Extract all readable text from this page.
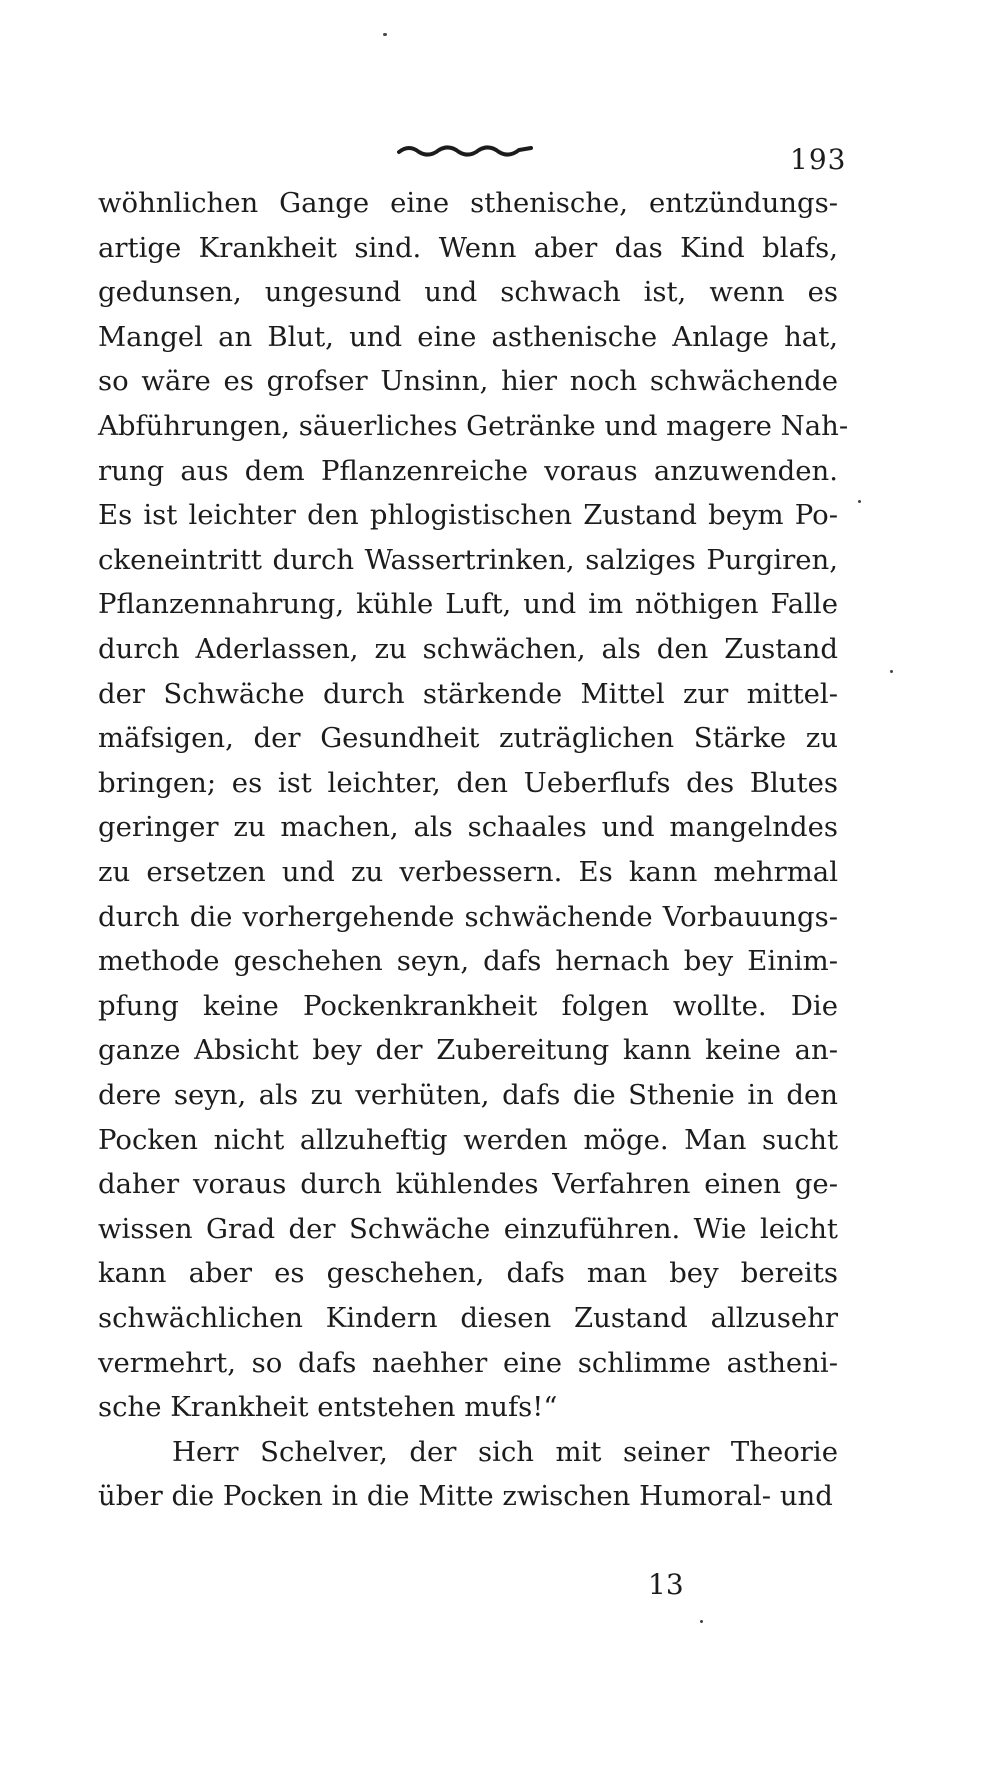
193
wöhnlichen Gange eine sthenische, entzündungs-
artige Krankheit sind. Wenn aber das Kind blafs,
gedunsen, ungesund und schwach ist, wenn es
Mangel an Blut, und eine asthenische Anlage hat,
so wäre es grofser Unsinn, hier noch schwächende
Abführungen, säuerliches Getränke und magere Nah-
rung aus dem Pflanzenreiche voraus anzuwenden.
Es ist leichter den phlogistischen Zustand beym Po-
ckeneintritt durch Wassertrinken, salziges Purgiren,
Pflanzennahrung, kühle Luft, und im nöthigen Falle
durch Aderlassen, zu schwächen, als den Zustand
der Schwäche durch stärkende Mittel zur mittel-
mäfsigen, der Gesundheit zuträglichen Stärke zu
bringen; es ist leichter, den Ueberflufs des Blutes
geringer zu machen, als schaales und mangelndes
zu ersetzen und zu verbessern. Es kann mehrmal
durch die vorhergehende schwächende Vorbauungs-
methode geschehen seyn, dafs hernach bey Einim-
pfung keine Pockenkrankheit folgen wollte. Die
ganze Absicht bey der Zubereitung kann keine an-
dere seyn, als zu verhüten, dafs die Sthenie in den
Pocken nicht allzuheftig werden möge. Man sucht
daher voraus durch kühlendes Verfahren einen ge-
wissen Grad der Schwäche einzuführen. Wie leicht
kann aber es geschehen, dafs man bey bereits
schwächlichen Kindern diesen Zustand allzusehr
vermehrt, so dafs naehher eine schlimme astheni-
sche Krankheit entstehen mufs!“
Herr Schelver, der sich mit seiner Theorie
über die Pocken in die Mitte zwischen Humoral- und
13
